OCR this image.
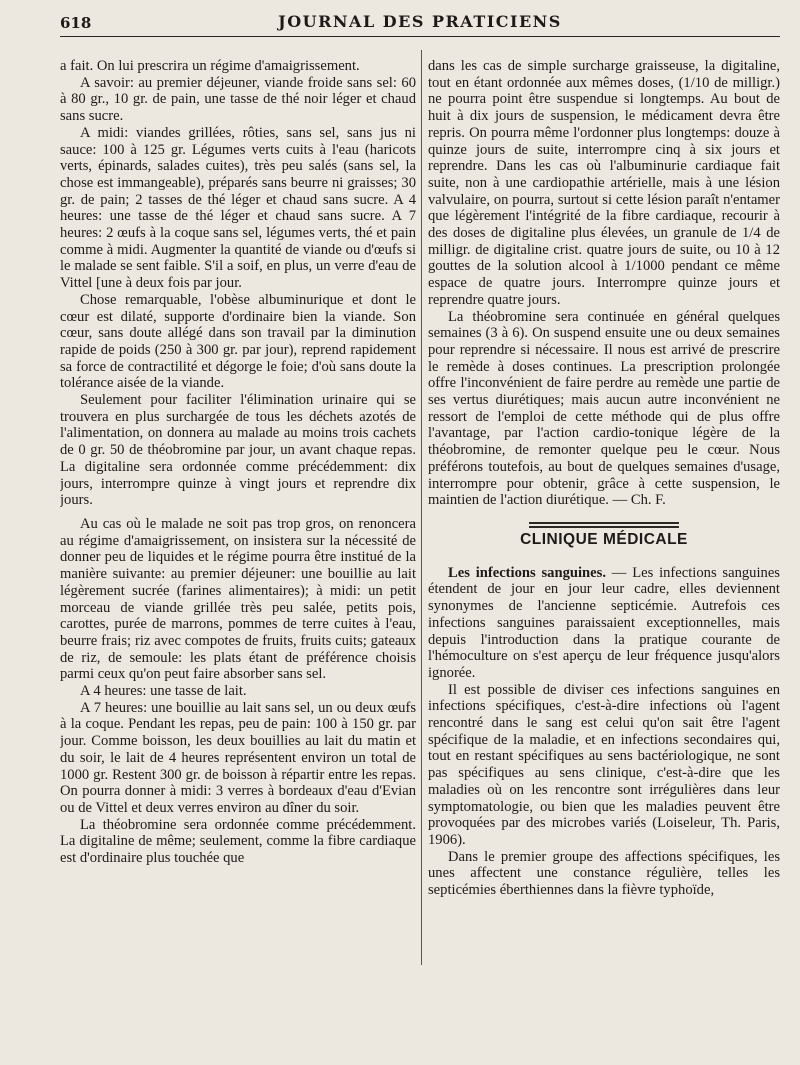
618	JOURNAL DES PRATICIENS

a fait. On lui prescrira un régime d'amaigrissement.

A savoir: au premier déjeuner, viande froide sans sel: 60 à 80 gr., 10 gr. de pain, une tasse de thé noir léger et chaud sans sucre.

A midi: viandes grillées, rôties, sans sel, sans jus ni sauce: 100 à 125 gr. Légumes verts cuits à l'eau (haricots verts, épinards, salades cuites), très peu salés (sans sel, la chose est immangeable), préparés sans beurre ni graisses; 30 gr. de pain; 2 tasses de thé léger et chaud sans sucre. A 4 heures: une tasse de thé léger et chaud sans sucre. A 7 heures: 2 œufs à la coque sans sel, légumes verts, thé et pain comme à midi. Augmenter la quantité de viande ou d'œufs si le malade se sent faible. S'il a soif, en plus, un verre d'eau de Vittel [une à deux fois par jour.

Chose remarquable, l'obèse albuminurique et dont le cœur est dilaté, supporte d'ordinaire bien la viande. Son cœur, sans doute allégé dans son travail par la diminution rapide de poids (250 à 300 gr. par jour), reprend rapidement sa force de contractilité et dégorge le foie; d'où sans doute la tolérance aisée de la viande.

Seulement pour faciliter l'élimination urinaire qui se trouvera en plus surchargée de tous les déchets azotés de l'alimentation, on donnera au malade au moins trois cachets de 0 gr. 50 de théobromine par jour, un avant chaque repas. La digitaline sera ordonnée comme précédemment: dix jours, interrompre quinze à vingt jours et reprendre dix jours.

Au cas où le malade ne soit pas trop gros, on renoncera au régime d'amaigrissement, on insistera sur la nécessité de donner peu de liquides et le régime pourra être institué de la manière suivante: au premier déjeuner: une bouillie au lait légèrement sucrée (farines alimentaires); à midi: un petit morceau de viande grillée très peu salée, petits pois, carottes, purée de marrons, pommes de terre cuites à l'eau, beurre frais; riz avec compotes de fruits, fruits cuits; gateaux de riz, de semoule: les plats étant de préférence choisis parmi ceux qu'on peut faire absorber sans sel.

A 4 heures: une tasse de lait.

A 7 heures: une bouillie au lait sans sel, un ou deux œufs à la coque. Pendant les repas, peu de pain: 100 à 150 gr. par jour. Comme boisson, les deux bouillies au lait du matin et du soir, le lait de 4 heures représentent environ un total de 1000 gr. Restent 300 gr. de boisson à répartir entre les repas. On pourra donner à midi: 3 verres à bordeaux d'eau d'Evian ou de Vittel et deux verres environ au dîner du soir.

La théobromine sera ordonnée comme précédemment. La digitaline de même; seulement, comme la fibre cardiaque est d'ordinaire plus touchée que

dans les cas de simple surcharge graisseuse, la digitaline, tout en étant ordonnée aux mêmes doses, (1/10 de milligr.) ne pourra point être suspendue si longtemps. Au bout de huit à dix jours de suspension, le médicament devra être repris. On pourra même l'ordonner plus longtemps: douze à quinze jours de suite, interrompre cinq à six jours et reprendre. Dans les cas où l'albuminurie cardiaque fait suite, non à une cardiopathie artérielle, mais à une lésion valvulaire, on pourra, surtout si cette lésion paraît n'entamer que légèrement l'intégrité de la fibre cardiaque, recourir à des doses de digitaline plus élevées, un granule de 1/4 de milligr. de digitaline crist. quatre jours de suite, ou 10 à 12 gouttes de la solution alcool à 1/1000 pendant ce même espace de quatre jours. Interrompre quinze jours et reprendre quatre jours.

La théobromine sera continuée en général quelques semaines (3 à 6). On suspend ensuite une ou deux semaines pour reprendre si nécessaire. Il nous est arrivé de prescrire le remède à doses continues. La prescription prolongée offre l'inconvénient de faire perdre au remède une partie de ses vertus diurétiques; mais aucun autre inconvénient ne ressort de l'emploi de cette méthode qui de plus offre l'avantage, par l'action cardio-tonique légère de la théobromine, de remonter quelque peu le cœur. Nous préférons toutefois, au bout de quelques semaines d'usage, interrompre pour obtenir, grâce à cette suspension, le maintien de l'action diurétique. — Ch. F.

CLINIQUE MÉDICALE

Les infections sanguines. — Les infections sanguines étendent de jour en jour leur cadre, elles deviennent synonymes de l'ancienne septicémie. Autrefois ces infections sanguines paraissaient exceptionnelles, mais depuis l'introduction dans la pratique courante de l'hémoculture on s'est aperçu de leur fréquence jusqu'alors ignorée.

Il est possible de diviser ces infections sanguines en infections spécifiques, c'est-à-dire infections où l'agent rencontré dans le sang est celui qu'on sait être l'agent spécifique de la maladie, et en infections secondaires qui, tout en restant spécifiques au sens bactériologique, ne sont pas spécifiques au sens clinique, c'est-à-dire que les maladies où on les rencontre sont irrégulières dans leur symptomatologie, ou bien que les maladies peuvent être provoquées par des microbes variés (Loiseleur, Th. Paris, 1906).

Dans le premier groupe des affections spécifiques, les unes affectent une constance régulière, telles les septicémies éberthiennes dans la fièvre typhoïde,
